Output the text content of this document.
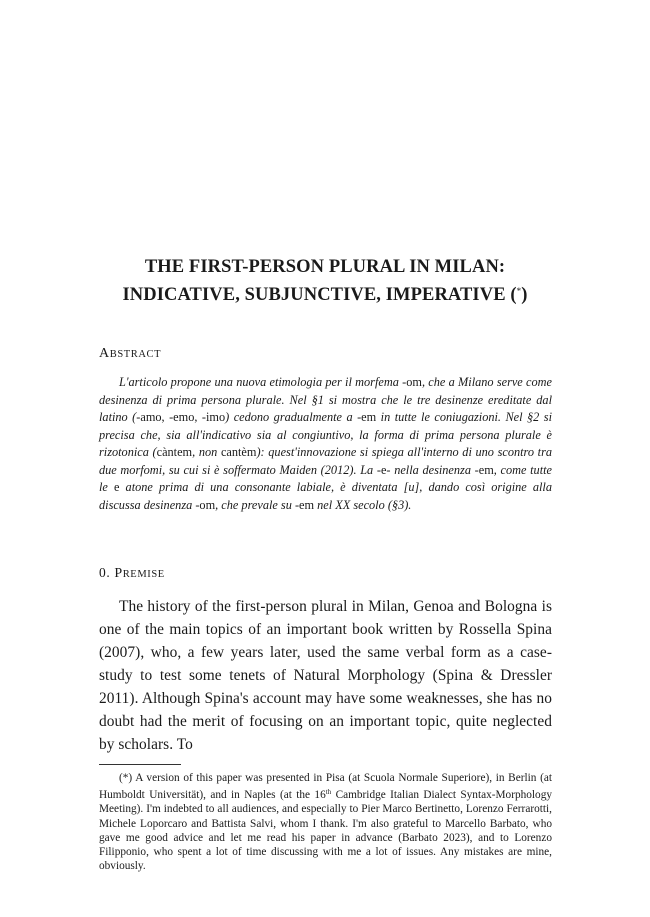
THE FIRST-PERSON PLURAL IN MILAN:
INDICATIVE, SUBJUNCTIVE, IMPERATIVE (*)
ABSTRACT

L'articolo propone una nuova etimologia per il morfema -om, che a Milano serve come desinenza di prima persona plurale. Nel §1 si mostra che le tre desinenze ereditate dal latino (-amo, -emo, -imo) cedono gradualmente a -em in tutte le coniugazioni. Nel §2 si precisa che, sia all'indicativo sia al congiuntivo, la forma di prima persona plurale è rizotonica (càntem, non cantèm): quest'innovazione si spiega all'interno di uno scontro tra due morfomi, su cui si è soffermato Maiden (2012). La -e- nella desinenza -em, come tutte le e atone prima di una consonante labiale, è diventata [u], dando così origine alla discussa desinenza -om, che prevale su -em nel XX secolo (§3).

0. PREMISE

The history of the first-person plural in Milan, Genoa and Bologna is one of the main topics of an important book written by Rossella Spina (2007), who, a few years later, used the same verbal form as a case-study to test some tenets of Natural Morphology (Spina & Dressler 2011). Although Spina's account may have some weaknesses, she has no doubt had the merit of focusing on an important topic, quite neglected by scholars. To

(*) A version of this paper was presented in Pisa (at Scuola Normale Superiore), in Berlin (at Humboldt Universität), and in Naples (at the 16th Cambridge Italian Dialect Syntax-Morphology Meeting). I'm indebted to all audiences, and especially to Pier Marco Bertinetto, Lorenzo Ferrarotti, Michele Loporcaro and Battista Salvi, whom I thank. I'm also grateful to Marcello Barbato, who gave me good advice and let me read his paper in advance (Barbato 2023), and to Lorenzo Filipponio, who spent a lot of time discussing with me a lot of issues. Any mistakes are mine, obviously.
